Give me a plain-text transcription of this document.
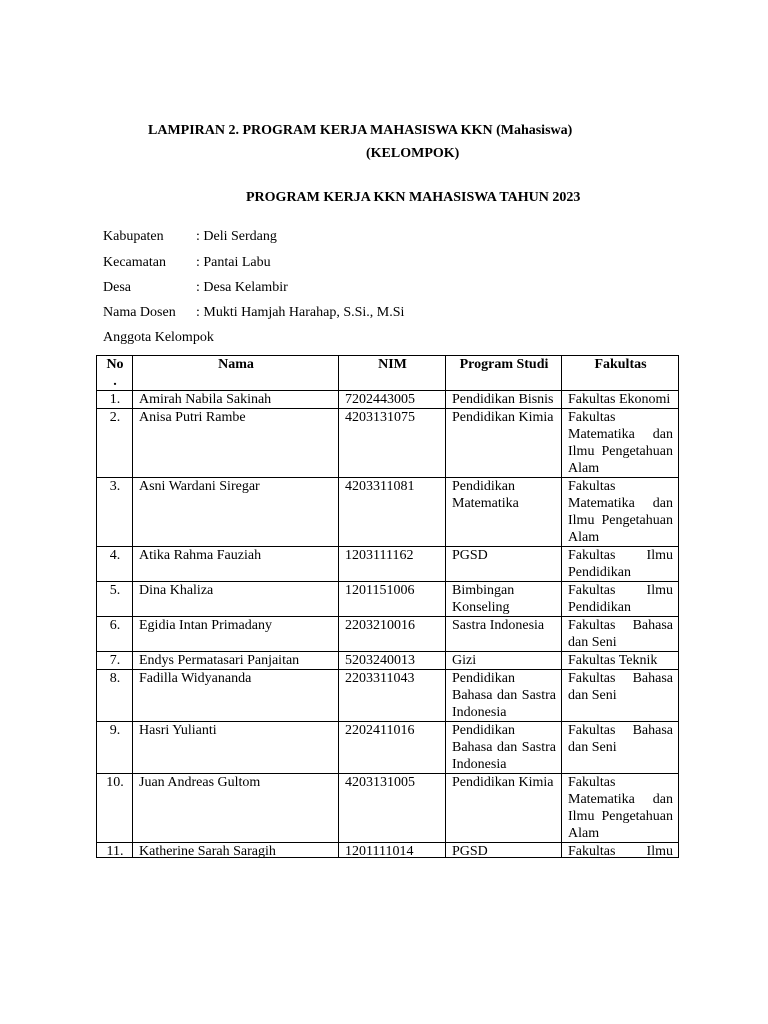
LAMPIRAN 2. PROGRAM KERJA MAHASISWA KKN (Mahasiswa)
(KELOMPOK)
PROGRAM KERJA KKN MAHASISWA TAHUN 2023
Kabupaten : Deli Serdang
Kecamatan : Pantai Labu
Desa	: Desa Kelambir
Nama Dosen : Mukti Hamjah Harahap, S.Si., M.Si
Anggota Kelompok
No .	Nama	NIM	Program Studi	Fakultas
1.	Amirah Nabila Sakinah	7202443005	Pendidikan Bisnis	Fakultas Ekonomi
2.	Anisa Putri Rambe	4203131075	Pendidikan Kimia	Fakultas Matematika dan Ilmu Pengetahuan Alam
3.	Asni Wardani Siregar	4203311081	Pendidikan Matematika	Fakultas Matematika dan Ilmu Pengetahuan Alam
4.	Atika Rahma Fauziah	1203111162	PGSD	Fakultas Ilmu Pendidikan
5.	Dina Khaliza	1201151006	Bimbingan Konseling	Fakultas Ilmu Pendidikan
6.	Egidia Intan Primadany	2203210016	Sastra Indonesia	Fakultas Bahasa dan Seni
7.	Endys Permatasari Panjaitan	5203240013	Gizi	Fakultas Teknik
8.	Fadilla Widyananda	2203311043	Pendidikan Bahasa dan Sastra Indonesia	Fakultas Bahasa dan Seni
9.	Hasri Yulianti	2202411016	Pendidikan Bahasa dan Sastra Indonesia	Fakultas Bahasa dan Seni
10.	Juan Andreas Gultom	4203131005	Pendidikan Kimia	Fakultas Matematika dan Ilmu Pengetahuan Alam

11.	Katherine Sarah Saragih	1201111014	PGSD	Fakultas Ilmu
